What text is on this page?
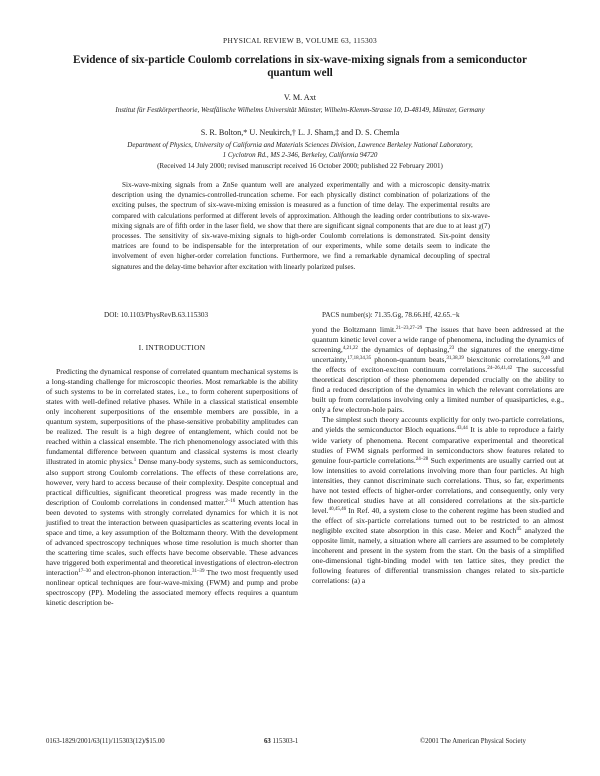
PHYSICAL REVIEW B, VOLUME 63, 115303
Evidence of six-particle Coulomb correlations in six-wave-mixing signals from a semiconductor quantum well
V. M. Axt
Institut für Festkörpertheorie, Westfälische Wilhelms Universität Münster, Wilhelm-Klemm-Strasse 10, D-48149, Münster, Germany
S. R. Bolton,* U. Neukirch,† L. J. Sham,‡ and D. S. Chemla
Department of Physics, University of California and Materials Sciences Division, Lawrence Berkeley National Laboratory,
1 Cyclotron Rd., MS 2-346, Berkeley, California 94720
(Received 14 July 2000; revised manuscript received 16 October 2000; published 22 February 2001)
Six-wave-mixing signals from a ZnSe quantum well are analyzed experimentally and with a microscopic density-matrix description using the dynamics-controlled-truncation scheme. For each physically distinct combination of polarizations of the exciting pulses, the spectrum of six-wave-mixing emission is measured as a function of time delay. The experimental results are compared with calculations performed at different levels of approximation. Although the leading order contributions to six-wave-mixing signals are of fifth order in the laser field, we show that there are significant signal components that are due to at least χ(7) processes. The sensitivity of six-wave-mixing signals to high-order Coulomb correlations is demonstrated. Six-point density matrices are found to be indispensable for the interpretation of our experiments, while some details seem to indicate the involvement of even higher-order correlation functions. Furthermore, we find a remarkable dynamical decoupling of spectral signatures and the delay-time behavior after excitation with linearly polarized pulses.
DOI: 10.1103/PhysRevB.63.115303	PACS number(s): 71.35.Gg, 78.66.Hf, 42.65.−k
I. INTRODUCTION

Predicting the dynamical response of correlated quantum mechanical systems is a long-standing challenge for microscopic theories. Most remarkable is the ability of such systems to be in correlated states, i.e., to form coherent superpositions of states with well-defined relative phases. While in a classical statistical ensemble only incoherent superpositions of the ensemble members are possible, in a quantum system, superpositions of the phase-sensitive probability amplitudes can be realized. The result is a high degree of entanglement, which could not be reached within a classical ensemble. The rich phenomenology associated with this fundamental difference between quantum and classical systems is most clearly illustrated in atomic physics.$^1$ Dense many-body systems, such as semiconductors, also support strong Coulomb correlations. The effects of these correlations are, however, very hard to access because of their complexity. Despite conceptual and practical difficulties, significant theoretical progress was made recently in the description of Coulomb correlations in condensed matter.$^{2-16}$ Much attention has been devoted to systems with strongly correlated dynamics for which it is not justified to treat the interaction between quasiparticles as scattering events local in space and time, a key assumption of the Boltzmann theory. With the development of advanced spectroscopy techniques whose time resolution is much shorter than the scattering time scales, such effects have become observable. These advances have triggered both experimental and theoretical investigations of electron-electron interaction$^{17-30}$ and electron-phonon interaction.$^{31-39}$ The two most frequently used nonlinear optical techniques are four-wave-mixing (FWM) and pump and probe spectroscopy (PP). Modeling the associated memory effects requires a quantum kinetic description be-

yond the Boltzmann limit.$^{21-23,27-29}$ The issues that have been addressed at the quantum kinetic level cover a wide range of phenomena, including the dynamics of screening,$^{4,21,22}$ the dynamics of dephasing,$^{23}$ the signatures of the energy-time uncertainty,$^{17,18,34,35}$ phonon-quantum beats,$^{31,38,39}$ biexcitonic correlations,$^{9,40}$ and the effects of exciton-exciton continuum correlations.$^{24-26,41,42}$ The successful theoretical description of these phenomena depended crucially on the ability to find a reduced description of the dynamics in which the relevant correlations are built up from correlations involving only a limited number of quasiparticles, e.g., only a few electron-hole pairs.

The simplest such theory accounts explicitly for only two-particle correlations, and yields the semiconductor Bloch equations.$^{43,44}$ It is able to reproduce a fairly wide variety of phenomena. Recent comparative experimental and theoretical studies of FWM signals performed in semiconductors show features related to genuine four-particle correlations.$^{24-28}$ Such experiments are usually carried out at low intensities to avoid correlations involving more than four particles. At high intensities, they cannot discriminate such correlations. Thus, so far, experiments have not tested effects of higher-order correlations, and consequently, only very few theoretical studies have at all considered correlations at the six-particle level.$^{40,45,46}$ In Ref. 40, a system close to the coherent regime has been studied and the effect of six-particle correlations turned out to be restricted to an almost negligible excited state absorption in this case. Meier and Koch$^{45}$ analyzed the opposite limit, namely, a situation where all carriers are assumed to be completely incoherent and present in the system from the start. On the basis of a simplified one-dimensional tight-binding model with ten lattice sites, they predict the following features of differential transmission changes related to six-particle correlations: (a) a

0163-1829/2001/63(11)/115303(12)/$15.00	63 115303-1	©2001 The American Physical Society
